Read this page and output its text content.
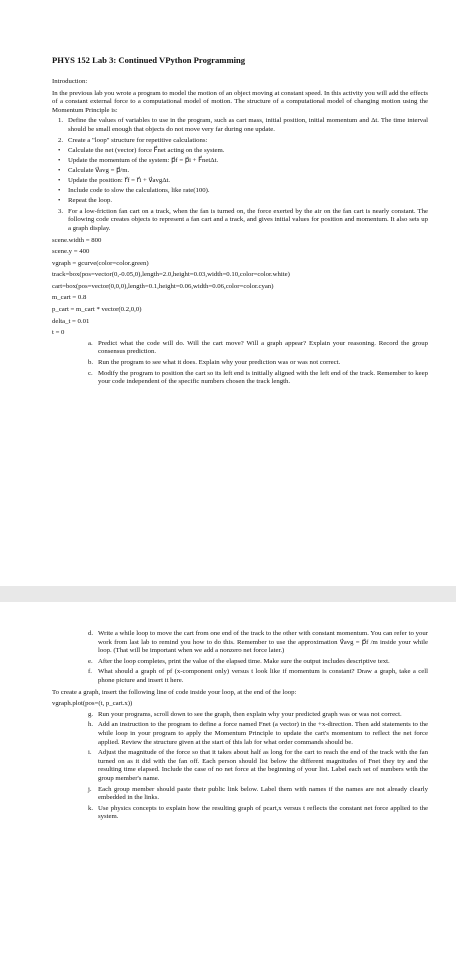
PHYS 152 Lab 3: Continued VPython Programming

Introduction:

In the previous lab you wrote a program to model the motion of an object moving at constant speed. In this activity you will add the effects of a constant external force to a computational model of motion. The structure of a computational model of changing motion using the Momentum Principle is:

1. Define the values of variables to use in the program, such as cart mass, initial position, initial momentum and Δt. The time interval should be small enough that objects do not move very far during one update.
2. Create a "loop" structure for repetitive calculations:
• Calculate the net (vector) force F⃗net acting on the system.
• Update the momentum of the system: p⃗f = p⃗i + F⃗netΔt.
• Calculate v⃗avg = p⃗/m.
• Update the position: r⃗f = r⃗i + v⃗avgΔt.
• Include code to slow the calculations, like rate(100).
• Repeat the loop.
3. For a low-friction fan cart on a track, when the fan is turned on, the force exerted by the air on the fan cart is nearly constant. The following code creates objects to represent a fan cart and a track, and gives initial values for position and momentum. It also sets up a graph display.
scene.width = 800
scene.y = 400
vgraph = gcurve(color=color.green)
track=box(pos=vector(0,-0.05,0),length=2.0,height=0.03,width=0.10,color=color.white)
cart=box(pos=vector(0,0,0),length=0.1,height=0.06,width=0.06,color=color.cyan)
m_cart = 0.8
p_cart = m_cart * vector(0.2,0,0)
delta_t = 0.01
t = 0
a. Predict what the code will do. Will the cart move? Will a graph appear? Explain your reasoning. Record the group consensus prediction.
b. Run the program to see what it does. Explain why your prediction was or was not correct.
c. Modify the program to position the cart so its left end is initially aligned with the left end of the track. Remember to keep your code independent of the specific numbers chosen the track length.
d. Write a while loop to move the cart from one end of the track to the other with constant momentum. You can refer to your work from last lab to remind you how to do this. Remember to use the approximation v⃗avg = p⃗f /m inside your while loop. (That will be important when we add a nonzero net force later.)
e. After the loop completes, print the value of the elapsed time. Make sure the output includes descriptive text.
f. What should a graph of pf (x-component only) versus t look like if momentum is constant? Draw a graph, take a cell phone picture and insert it here.

To create a graph, insert the following line of code inside your loop, at the end of the loop:

vgraph.plot(pos=(t, p_cart.x))
g. Run your programs, scroll down to see the graph, then explain why your predicted graph was or was not correct.
h. Add an instruction to the program to define a force named Fnet (a vector) in the +x-direction. Then add statements to the while loop in your program to apply the Momentum Principle to update the cart's momentum to reflect the net force applied. Review the structure given at the start of this lab for what order commands should be.
i. Adjust the magnitude of the force so that it takes about half as long for the cart to reach the end of the track with the fan turned on as it did with the fan off. Each person should list below the different magnitudes of Fnet they try and the resulting time elapsed. Include the case of no net force at the beginning of your list. Label each set of numbers with the group member's name.
j. Each group member should paste their public link below. Label them with names if the names are not already clearly embedded in the links.
k. Use physics concepts to explain how the resulting graph of pcart,x versus t reflects the constant net force applied to the system.
